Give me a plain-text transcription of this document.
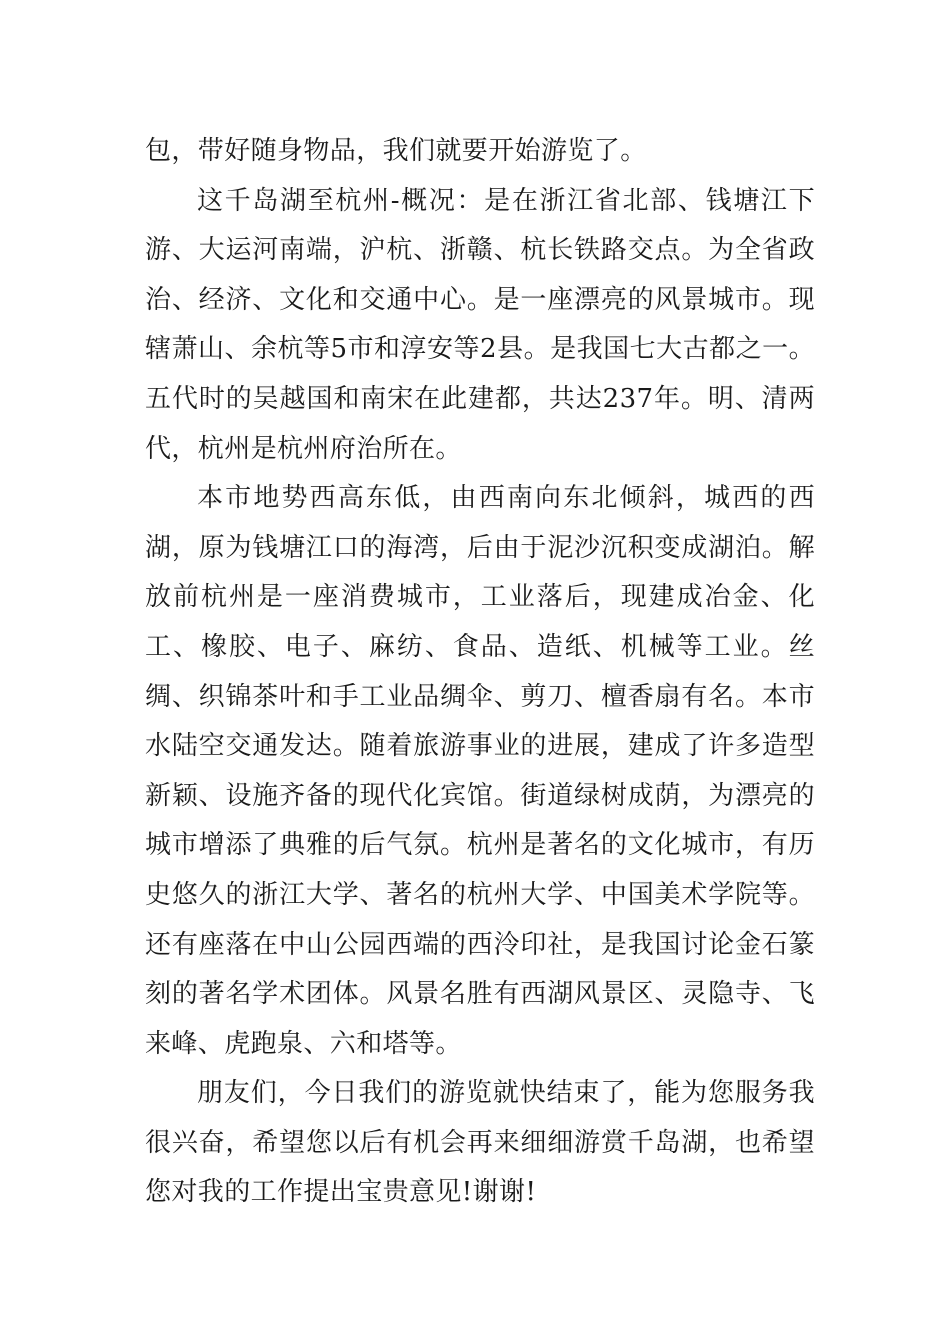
包，带好随身物品，我们就要开始游览了。

这千岛湖至杭州-概况：是在浙江省北部、钱塘江下游、大运河南端，沪杭、浙赣、杭长铁路交点。为全省政治、经济、文化和交通中心。是一座漂亮的风景城市。现辖萧山、余杭等5市和淳安等2县。是我国七大古都之一。五代时的吴越国和南宋在此建都，共达237年。明、清两代，杭州是杭州府治所在。

本市地势西高东低，由西南向东北倾斜，城西的西湖，原为钱塘江口的海湾，后由于泥沙沉积变成湖泊。解放前杭州是一座消费城市，工业落后，现建成冶金、化工、橡胶、电子、麻纺、食品、造纸、机械等工业。丝绸、织锦茶叶和手工业品绸伞、剪刀、檀香扇有名。本市水陆空交通发达。随着旅游事业的进展，建成了许多造型新颖、设施齐备的现代化宾馆。街道绿树成荫，为漂亮的城市增添了典雅的后气氛。杭州是著名的文化城市，有历史悠久的浙江大学、著名的杭州大学、中国美术学院等。还有座落在中山公园西端的西泠印社，是我国讨论金石篆刻的著名学术团体。风景名胜有西湖风景区、灵隐寺、飞来峰、虎跑泉、六和塔等。

朋友们，今日我们的游览就快结束了，能为您服务我很兴奋，希望您以后有机会再来细细游赏千岛湖，也希望您对我的工作提出宝贵意见!谢谢!
